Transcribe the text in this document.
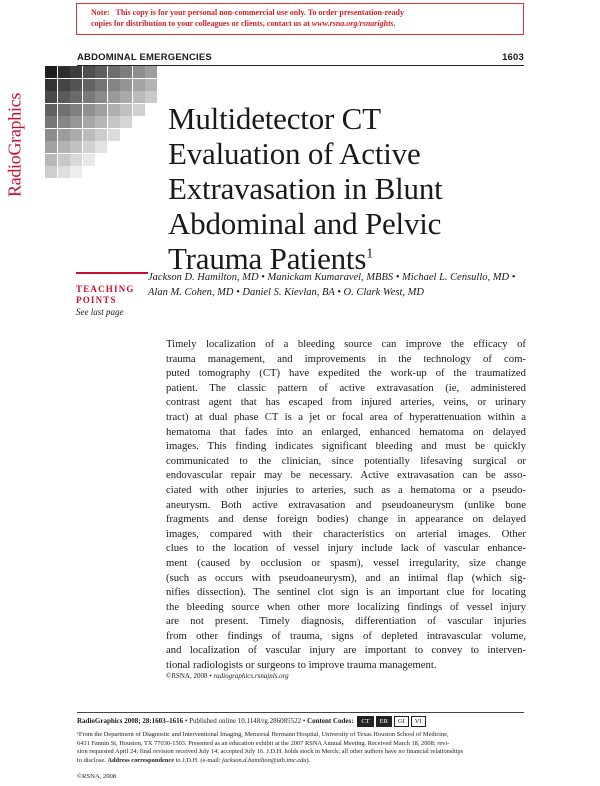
Note: This copy is for your personal non-commercial use only. To order presentation-ready
copies for distribution to your colleagues or clients, contact us at www.rsna.org/rsnarights.
ABDOMINAL EMERGENCIES	1603
RadioGraphics	Multidetector CT
Evaluation of Active
Extravasation in Blunt
Abdominal and Pelvic
Trauma Patients$^1$
TEACHING
POINTS
See last page
Jackson D. Hamilton, MD • Manickam Kumaravel, MBBS • Michael L. Censullo, MD • Alan M. Cohen, MD • Daniel S. Kievlan, BA • O. Clark West, MD
Timely localization of a bleeding source can improve the efficacy of
trauma management, and improvements in the technology of com-
puted tomography (CT) have expedited the work-up of the traumatized
patient. The classic pattern of active extravasation (ie, administered
contrast agent that has escaped from injured arteries, veins, or urinary
tract) at dual phase CT is a jet or focal area of hyperattenuation within a
hematoma that fades into an enlarged, enhanced hematoma on delayed
images. This finding indicates significant bleeding and must be quickly
communicated to the clinician, since potentially lifesaving surgical or
endovascular repair may be necessary. Active extravasation can be asso-
ciated with other injuries to arteries, such as a hematoma or a pseudo-
aneurysm. Both active extravasation and pseudoaneurysm (unlike bone
fragments and dense foreign bodies) change in appearance on delayed
images, compared with their characteristics on arterial images. Other
clues to the location of vessel injury include lack of vascular enhance-
ment (caused by occlusion or spasm), vessel irregularity, size change
(such as occurs with pseudoaneurysm), and an intimal flap (which sig-
nifies dissection). The sentinel clot sign is an important clue for locating
the bleeding source when other more localizing findings of vessel injury
are not present. Timely diagnosis, differentiation of vascular injuries
from other findings of trauma, signs of depleted intravascular volume,
and localization of vascular injury are important to convey to interven-
tional radiologists or surgeons to improve trauma management.
©RSNA, 2008 • radiographics.rsnajnls.org
RadioGraphics 2008; 28:1603–1616 • Published online 10.1148/rg.286085522 • Content Codes: CT ER GI VI
¹From the Department of Diagnostic and Interventional Imaging, Memorial Hermann Hospital, University of Texas Houston School of Medicine,
6431 Fannin St, Houston, TX 77030-1503. Presented as an education exhibit at the 2007 RSNA Annual Meeting. Received March 18, 2008; revi-
sion requested April 24; final revision received July 14; accepted July 16. J.D.H. holds stock in Merck; all other authors have no financial relationships
to disclose. Address correspondence to J.D.H. (e-mail: jackson.d.hamilton@uth.tmc.edu).
©RSNA, 2008
